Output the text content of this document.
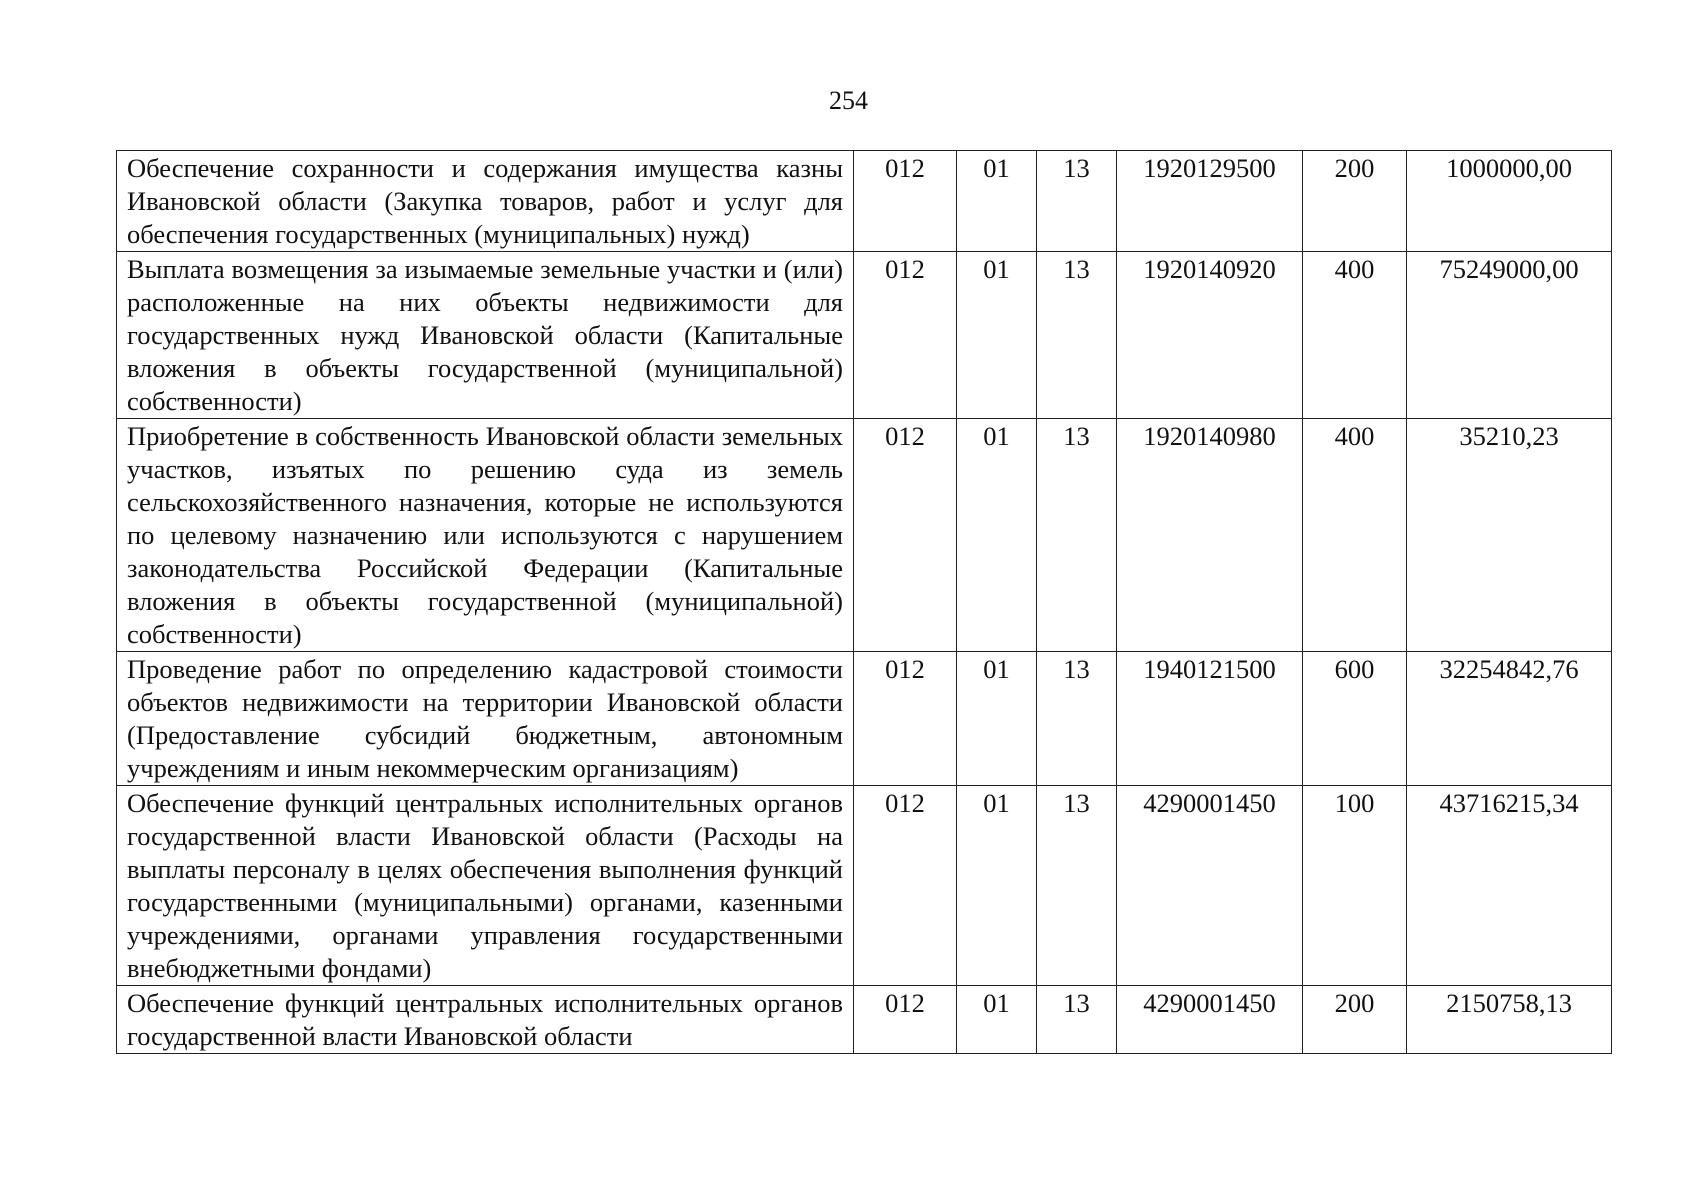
254
Обеспечение сохранности и содержания имущества казны Ивановской области (Закупка товаров, работ и услуг для обеспечения государственных (муниципальных) нужд)	012	01	13	1920129500	200	1000000,00
Выплата возмещения за изымаемые земельные участки и (или) расположенные на них объекты недвижимости для государственных нужд Ивановской области (Капитальные вложения в объекты государственной (муниципальной) собственности)	012	01	13	1920140920	400	75249000,00
Приобретение в собственность Ивановской области земельных участков, изъятых по решению суда из земель сельскохозяйственного назначения, которые не используются по целевому назначению или используются с нарушением законодательства Российской Федерации (Капитальные вложения в объекты государственной (муниципальной) собственности)	012	01	13	1920140980	400	35210,23
Проведение работ по определению кадастровой стоимости объектов недвижимости на территории Ивановской области (Предоставление субсидий бюджетным, автономным учреждениям и иным некоммерческим организациям)	012	01	13	1940121500	600	32254842,76
Обеспечение функций центральных исполнительных органов государственной власти Ивановской области (Расходы на выплаты персоналу в целях обеспечения выполнения функций государственными (муниципальными) органами, казенными учреждениями, органами управления государственными внебюджетными фондами)	012	01	13	4290001450	100	43716215,34

Обеспечение функций центральных исполнительных органов государственной власти Ивановской области	012	01	13	4290001450	200	2150758,13
